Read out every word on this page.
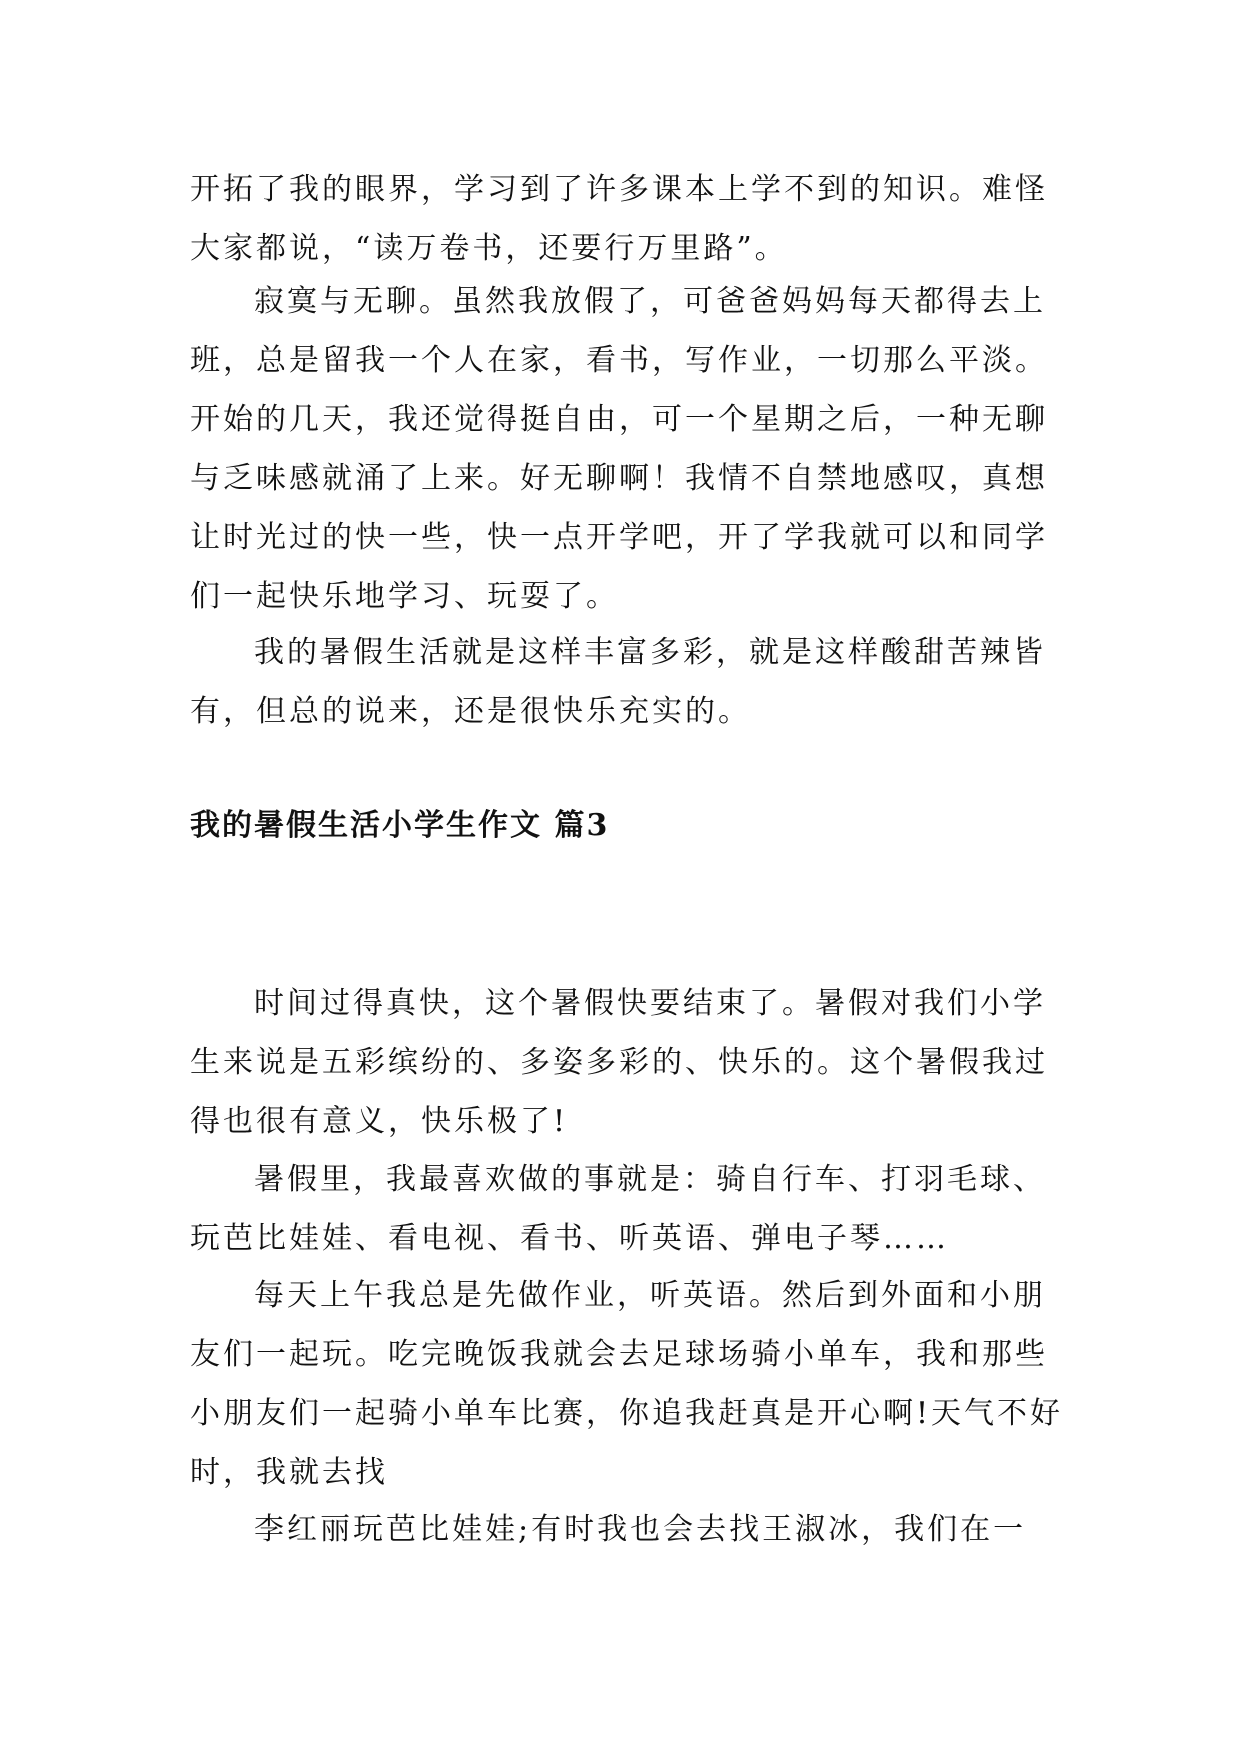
开拓了我的眼界，学习到了许多课本上学不到的知识。难怪大家都说，“读万卷书，还要行万里路”。

寂寞与无聊。虽然我放假了，可爸爸妈妈每天都得去上班，总是留我一个人在家，看书，写作业，一切那么平淡。开始的几天，我还觉得挺自由，可一个星期之后，一种无聊与乏味感就涌了上来。好无聊啊！我情不自禁地感叹，真想让时光过的快一些，快一点开学吧，开了学我就可以和同学们一起快乐地学习、玩耍了。

我的暑假生活就是这样丰富多彩，就是这样酸甜苦辣皆有，但总的说来，还是很快乐充实的。

我的暑假生活小学生作文 篇3

时间过得真快，这个暑假快要结束了。暑假对我们小学生来说是五彩缤纷的、多姿多彩的、快乐的。这个暑假我过得也很有意义，快乐极了!

暑假里，我最喜欢做的事就是：骑自行车、打羽毛球、玩芭比娃娃、看电视、看书、听英语、弹电子琴……

每天上午我总是先做作业，听英语。然后到外面和小朋友们一起玩。吃完晚饭我就会去足球场骑小单车，我和那些小朋友们一起骑小单车比赛，你追我赶真是开心啊!天气不好时，我就去找

李红丽玩芭比娃娃;有时我也会去找王淑冰，我们在一
